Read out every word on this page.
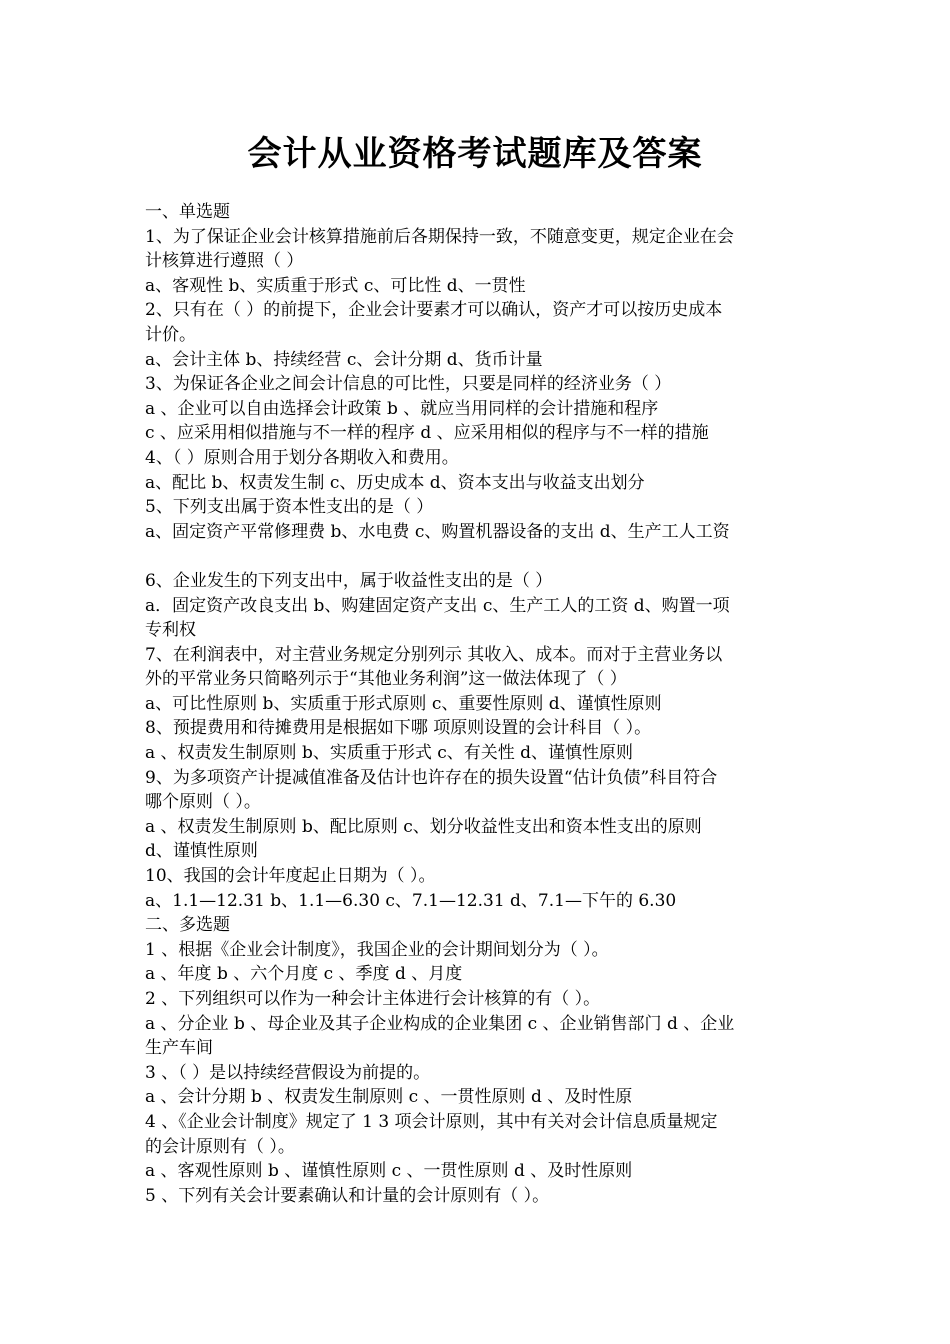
会计从业资格考试题库及答案
一、单选题
1、为了保证企业会计核算措施前后各期保持一致，不随意变更，规定企业在会
计核算进行遵照（ ）
a、客观性 b、实质重于形式 c、可比性 d、一贯性
2、只有在（ ）的前提下，企业会计要素才可以确认，资产才可以按历史成本
计价。
a、会计主体 b、持续经营 c、会计分期 d、货币计量
3、为保证各企业之间会计信息的可比性，只要是同样的经济业务（ ）
a 、企业可以自由选择会计政策 b 、就应当用同样的会计措施和程序
c 、应采用相似措施与不一样的程序 d 、应采用相似的程序与不一样的措施
4、（ ）原则合用于划分各期收入和费用。
a、配比 b、权责发生制 c、历史成本 d、资本支出与收益支出划分
5、下列支出属于资本性支出的是（ ）
a、固定资产平常修理费 b、水电费 c、购置机器设备的支出 d、生产工人工资
6、企业发生的下列支出中，属于收益性支出的是（ ）
a．固定资产改良支出 b、购建固定资产支出 c、生产工人的工资 d、购置一项
专利权
7、在利润表中，对主营业务规定分别列示 其收入、成本。而对于主营业务以
外的平常业务只简略列示于“其他业务利润”这一做法体现了（ ）
a、可比性原则 b、实质重于形式原则 c、重要性原则 d、谨慎性原则
8、预提费用和待摊费用是根据如下哪 项原则设置的会计科目（ ）。
a 、权责发生制原则 b、实质重于形式 c、有关性 d、谨慎性原则
9、为多项资产计提减值准备及估计也许存在的损失设置“估计负债”科目符合
哪个原则（ ）。
a 、权责发生制原则 b、配比原则 c、划分收益性支出和资本性支出的原则
d、谨慎性原则
10、我国的会计年度起止日期为（ ）。
a、1.1—12.31 b、1.1—6.30 c、7.1—12.31 d、7.1—下午的 6.30
二、多选题
1 、根据《企业会计制度》，我国企业的会计期间划分为（ ）。
a 、年度 b 、六个月度 c 、季度 d 、月度
2 、下列组织可以作为一种会计主体进行会计核算的有（ ）。
a 、分企业 b 、母企业及其子企业构成的企业集团 c 、企业销售部门 d 、企业
生产车间
3 、（ ）是以持续经营假设为前提的。
a 、会计分期 b 、权责发生制原则 c 、一贯性原则 d 、及时性原
4 、《企业会计制度》规定了 1 3 项会计原则，其中有关对会计信息质量规定
的会计原则有（ ）。
a 、客观性原则 b 、谨慎性原则 c 、一贯性原则 d 、及时性原则
5 、下列有关会计要素确认和计量的会计原则有（ ）。
